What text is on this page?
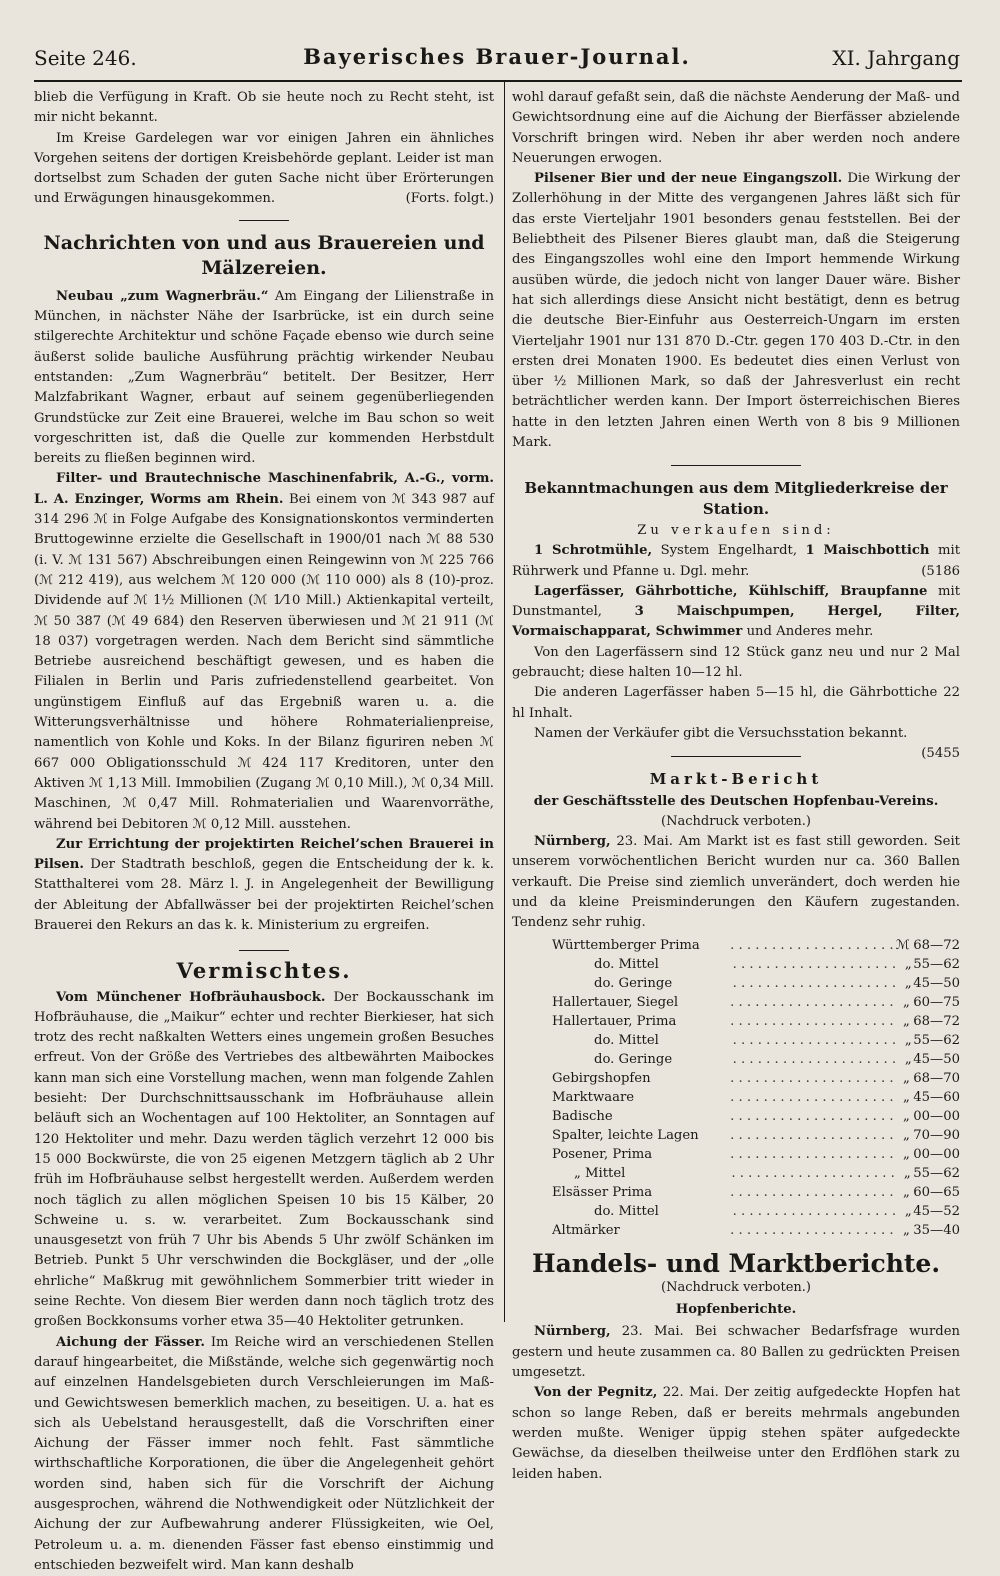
Seite 246.	Bayerisches Brauer-Journal.	XI. Jahrgang

blieb die Verfügung in Kraft. Ob sie heute noch zu Recht steht, ist mir nicht bekannt.

Im Kreise Gardelegen war vor einigen Jahren ein ähnliches Vorgehen seitens der dortigen Kreisbehörde geplant. Leider ist man dortselbst zum Schaden der guten Sache nicht über Erörterungen und Erwägungen hinausgekommen.	(Forts. folgt.)

Nachrichten von und aus Brauereien und Mälzereien.

Neubau „zum Wagnerbräu.“ Am Eingang der Lilienstraße in München, in nächster Nähe der Isarbrücke, ist ein durch seine stilgerechte Architektur und schöne Façade ebenso wie durch seine äußerst solide bauliche Ausführung prächtig wirkender Neubau entstanden: „Zum Wagnerbräu“ betitelt. Der Besitzer, Herr Malzfabrikant Wagner, erbaut auf seinem gegenüberliegenden Grundstücke zur Zeit eine Brauerei, welche im Bau schon so weit vorgeschritten ist, daß die Quelle zur kommenden Herbstdult bereits zu fließen beginnen wird.

Filter- und Brautechnische Maschinenfabrik, A.-G., vorm. L. A. Enzinger, Worms am Rhein. Bei einem von ℳ 343 987 auf 314 296 ℳ in Folge Aufgabe des Konsignationskontos verminderten Bruttogewinne erzielte die Gesellschaft in 1900/01 nach ℳ 88 530 (i. V. ℳ 131 567) Abschreibungen einen Reingewinn von ℳ 225 766 (ℳ 212 419), aus welchem ℳ 120 000 (ℳ 110 000) als 8 (10)-proz. Dividende auf ℳ 1½ Millionen (ℳ 1⁄10 Mill.) Aktienkapital verteilt, ℳ 50 387 (ℳ 49 684) den Reserven überwiesen und ℳ 21 911 (ℳ 18 037) vorgetragen werden. Nach dem Bericht sind sämmtliche Betriebe ausreichend beschäftigt gewesen, und es haben die Filialen in Berlin und Paris zufriedenstellend gearbeitet. Von ungünstigem Einfluß auf das Ergebniß waren u. a. die Witterungsverhältnisse und höhere Rohmaterialienpreise, namentlich von Kohle und Koks. In der Bilanz figuriren neben ℳ 667 000 Obligationsschuld ℳ 424 117 Kreditoren, unter den Aktiven ℳ 1,13 Mill. Immobilien (Zugang ℳ 0,10 Mill.), ℳ 0,34 Mill. Maschinen, ℳ 0,47 Mill. Rohmaterialien und Waarenvorräthe, während bei Debitoren ℳ 0,12 Mill. ausstehen.

Zur Errichtung der projektirten Reichel’schen Brauerei in Pilsen. Der Stadtrath beschloß, gegen die Entscheidung der k. k. Statthalterei vom 28. März l. J. in Angelegenheit der Bewilligung der Ableitung der Abfallwässer bei der projektirten Reichel’schen Brauerei den Rekurs an das k. k. Ministerium zu ergreifen.

Vermischtes.

Vom Münchener Hofbräuhausbock. Der Bockausschank im Hofbräuhause, die „Maikur“ echter und rechter Bierkieser, hat sich trotz des recht naßkalten Wetters eines ungemein großen Besuches erfreut. Von der Größe des Vertriebes des altbewährten Maibockes kann man sich eine Vorstellung machen, wenn man folgende Zahlen besieht: Der Durchschnittsausschank im Hofbräuhause allein beläuft sich an Wochentagen auf 100 Hektoliter, an Sonntagen auf 120 Hektoliter und mehr. Dazu werden täglich verzehrt 12 000 bis 15 000 Bockwürste, die von 25 eigenen Metzgern täglich ab 2 Uhr früh im Hofbräuhause selbst hergestellt werden. Außerdem werden noch täglich zu allen möglichen Speisen 10 bis 15 Kälber, 20 Schweine u. s. w. verarbeitet. Zum Bockausschank sind unausgesetzt von früh 7 Uhr bis Abends 5 Uhr zwölf Schänken im Betrieb. Punkt 5 Uhr verschwinden die Bockgläser, und der „olle ehrliche“ Maßkrug mit gewöhnlichem Sommerbier tritt wieder in seine Rechte. Von diesem Bier werden dann noch täglich trotz des großen Bockkonsums vorher etwa 35—40 Hektoliter getrunken.

Aichung der Fässer. Im Reiche wird an verschiedenen Stellen darauf hingearbeitet, die Mißstände, welche sich gegenwärtig noch auf einzelnen Handelsgebieten durch Verschleierungen im Maß- und Gewichtswesen bemerklich machen, zu beseitigen. U. a. hat es sich als Uebelstand herausgestellt, daß die Vorschriften einer Aichung der Fässer immer noch fehlt. Fast sämmtliche wirthschaftliche Korporationen, die über die Angelegenheit gehört worden sind, haben sich für die Vorschrift der Aichung ausgesprochen, während die Nothwendigkeit oder Nützlichkeit der Aichung der zur Aufbewahrung anderer Flüssigkeiten, wie Oel, Petroleum u. a. m. dienenden Fässer fast ebenso einstimmig und entschieden bezweifelt wird. Man kann deshalb

wohl darauf gefaßt sein, daß die nächste Aenderung der Maß- und Gewichtsordnung eine auf die Aichung der Bierfässer abzielende Vorschrift bringen wird. Neben ihr aber werden noch andere Neuerungen erwogen.

Pilsener Bier und der neue Eingangszoll. Die Wirkung der Zollerhöhung in der Mitte des vergangenen Jahres läßt sich für das erste Vierteljahr 1901 besonders genau feststellen. Bei der Beliebtheit des Pilsener Bieres glaubt man, daß die Steigerung des Eingangszolles wohl eine den Import hemmende Wirkung ausüben würde, die jedoch nicht von langer Dauer wäre. Bisher hat sich allerdings diese Ansicht nicht bestätigt, denn es betrug die deutsche Bier-Einfuhr aus Oesterreich-Ungarn im ersten Vierteljahr 1901 nur 131 870 D.-Ctr. gegen 170 403 D.-Ctr. in den ersten drei Monaten 1900. Es bedeutet dies einen Verlust von über ½ Millionen Mark, so daß der Jahresverlust ein recht beträchtlicher werden kann. Der Import österreichischen Bieres hatte in den letzten Jahren einen Werth von 8 bis 9 Millionen Mark.

Bekanntmachungen aus dem Mitgliederkreise der Station.
Zu verkaufen sind:

1 Schrotmühle, System Engelhardt, 1 Maischbottich mit Rührwerk und Pfanne u. Dgl. mehr.	(5186

Lagerfässer, Gährbottiche, Kühlschiff, Braupfanne mit Dunstmantel, 3 Maischpumpen, Hergel, Filter, Vormaischapparat, Schwimmer und Anderes mehr.

Von den Lagerfässern sind 12 Stück ganz neu und nur 2 Mal gebraucht; diese halten 10—12 hl.

Die anderen Lagerfässer haben 5—15 hl, die Gährbottiche 22 hl Inhalt.

Namen der Verkäufer gibt die Versuchsstation bekannt.
(5455

Markt-Bericht
der Geschäftsstelle des Deutschen Hopfenbau-Vereins.
(Nachdruck verboten.)

Nürnberg, 23. Mai. Am Markt ist es fast still geworden. Seit unserem vorwöchentlichen Bericht wurden nur ca. 360 Ballen verkauft. Die Preise sind ziemlich unverändert, doch werden hie und da kleine Preisminderungen den Käufern zugestanden. Tendenz sehr ruhig.

Württemberger Prima	. . . . . . . . . . . . . . . . . . . . ℳ 68—72
do. Mittel	. . . . . . . . . . . . . . . . . . . . „ 55—62
do. Geringe	. . . . . . . . . . . . . . . . . . . . „ 45—50
Hallertauer, Siegel	. . . . . . . . . . . . . . . . . . . . „ 60—75
Hallertauer, Prima	. . . . . . . . . . . . . . . . . . . . „ 68—72
do. Mittel	. . . . . . . . . . . . . . . . . . . . „ 55—62
do. Geringe	. . . . . . . . . . . . . . . . . . . . „ 45—50
Gebirgshopfen	. . . . . . . . . . . . . . . . . . . . „ 68—70
Marktwaare	. . . . . . . . . . . . . . . . . . . . „ 45—60
Badische	. . . . . . . . . . . . . . . . . . . . „ 00—00
Spalter, leichte Lagen	. . . . . . . . . . . . . . . . . . . . „ 70—90
Posener, Prima	. . . . . . . . . . . . . . . . . . . . „ 00—00
„ Mittel	. . . . . . . . . . . . . . . . . . . . „ 55—62
Elsässer Prima	. . . . . . . . . . . . . . . . . . . . „ 60—65
do. Mittel	. . . . . . . . . . . . . . . . . . . . „ 45—52
Altmärker	. . . . . . . . . . . . . . . . . . . . „ 35—40
Handels- und Marktberichte.
(Nachdruck verboten.)
Hopfenberichte.

Nürnberg, 23. Mai. Bei schwacher Bedarfsfrage wurden gestern und heute zusammen ca. 80 Ballen zu gedrückten Preisen umgesetzt.

Von der Pegnitz, 22. Mai. Der zeitig aufgedeckte Hopfen hat schon so lange Reben, daß er bereits mehrmals angebunden werden mußte. Weniger üppig stehen später aufgedeckte Gewächse, da dieselben theilweise unter den Erdflöhen stark zu leiden haben.
